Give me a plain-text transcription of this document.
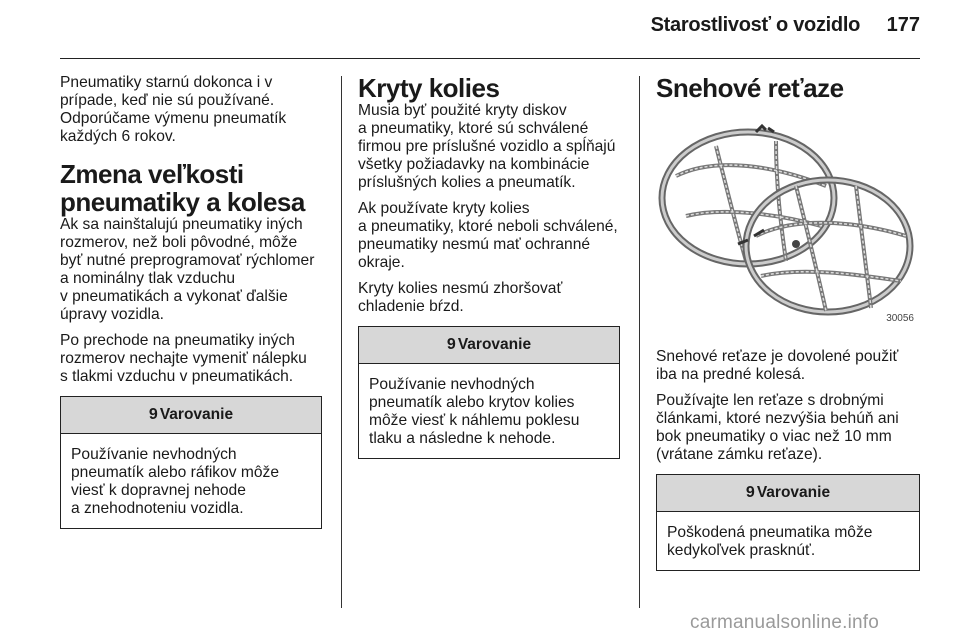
Starostlivosť o vozidlo	177

Pneumatiky starnú dokonca i v
prípade, keď nie sú používané.
Odporúčame výmenu pneumatík
každých 6 rokov.

Zmena veľkosti
pneumatiky a kolesa

Ak sa nainštalujú pneumatiky iných
rozmerov, než boli pôvodné, môže
byť nutné preprogramovať rýchlomer
a nominálny tlak vzduchu
v pneumatikách a vykonať ďalšie
úpravy vozidla.

Po prechode na pneumatiky iných
rozmerov nechajte vymeniť nálepku
s tlakmi vzduchu v pneumatikách.

9 Varovanie
Používanie nevhodných
pneumatík alebo ráfikov môže
viesť k dopravnej nehode
a znehodnoteniu vozidla.
Kryty kolies

Musia byť použité kryty diskov
a pneumatiky, ktoré sú schválené
firmou pre príslušné vozidlo a spĺňajú
všetky požiadavky na kombinácie
príslušných kolies a pneumatík.

Ak používate kryty kolies
a pneumatiky, ktoré neboli schválené,
pneumatiky nesmú mať ochranné
okraje.

Kryty kolies nesmú zhoršovať
chladenie bŕzd.

9 Varovanie
Používanie nevhodných
pneumatík alebo krytov kolies
môže viesť k náhlemu poklesu
tlaku a následne k nehode.
Snehové reťaze
30056

Snehové reťaze je dovolené použiť
iba na predné kolesá.

Používajte len reťaze s drobnými
článkami, ktoré nezvýšia behúň ani
bok pneumatiky o viac než 10 mm
(vrátane zámku reťaze).

9 Varovanie
Poškodená pneumatika môže
kedykoľvek prasknúť.
carmanualsonline.info
